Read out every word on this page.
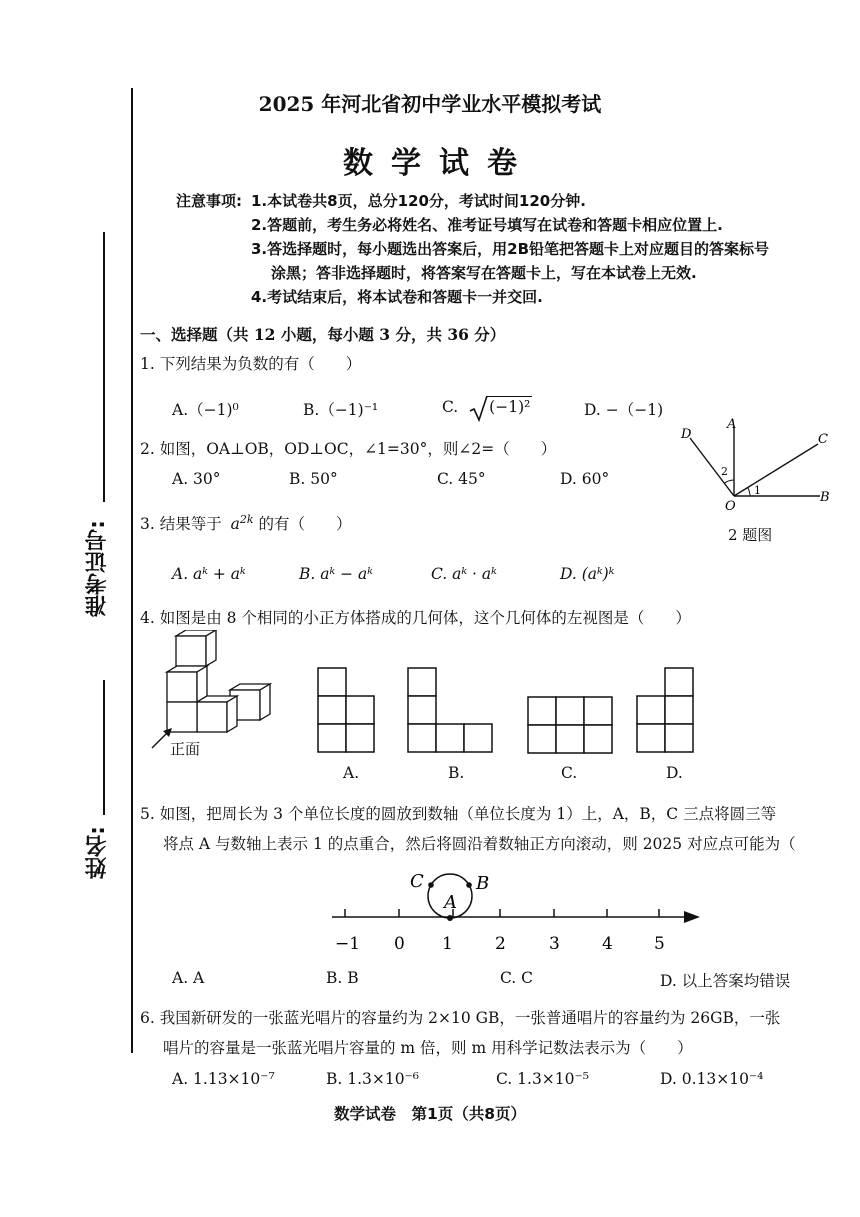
准考证号:
姓名:
2025 年河北省初中学业水平模拟考试
数学试卷
注意事项: 1.本试卷共8页，总分120分，考试时间120分钟.
2.答题前，考生务必将姓名、准考证号填写在试卷和答题卡相应位置上.
3.答选择题时，每小题选出答案后，用2B铅笔把答题卡上对应题目的答案标号
涂黑；答非选择题时，将答案写在答题卡上，写在本试卷上无效.
4.考试结束后，将本试卷和答题卡一并交回.
一、选择题（共 12 小题，每小题 3 分，共 36 分）
1. 下列结果为负数的有（　　）
A.（−1)⁰	B.（−1)⁻¹	C. (−1)²	D. −（−1)
2. 如图，OA⊥OB，OD⊥OC，∠1=30°，则∠2=（　　）
A. 30°	B. 50°	C. 45°	D. 60°
A
B
C
D
O
1
2
2 题图
3. 结果等于 $a^{2k}$ 的有（　　）
A. aᵏ + aᵏ	B. aᵏ − aᵏ	C. aᵏ · aᵏ	D. (aᵏ)ᵏ
4. 如图是由 8 个相同的小正方体搭成的几何体，这个几何体的左视图是（　　）
正面
A.	B.	C.	D.
5. 如图，把周长为 3 个单位长度的圆放到数轴（单位长度为 1）上，A，B，C 三点将圆三等
将点 A 与数轴上表示 1 的点重合，然后将圆沿着数轴正方向滚动，则 2025 对应点可能为（
−1 0 1 2	3 4 5
C
A
B
A. A	B. B	C. C	D. 以上答案均错误
6. 我国新研发的一张蓝光唱片的容量约为 2×10 GB，一张普通唱片的容量约为 26GB，一张
唱片的容量是一张蓝光唱片容量的 m 倍，则 m 用科学记数法表示为（　　）
A. 1.13×10⁻⁷	B. 1.3×10⁻⁶	C. 1.3×10⁻⁵	D. 0.13×10⁻⁴
数学试卷　第1页（共8页）
